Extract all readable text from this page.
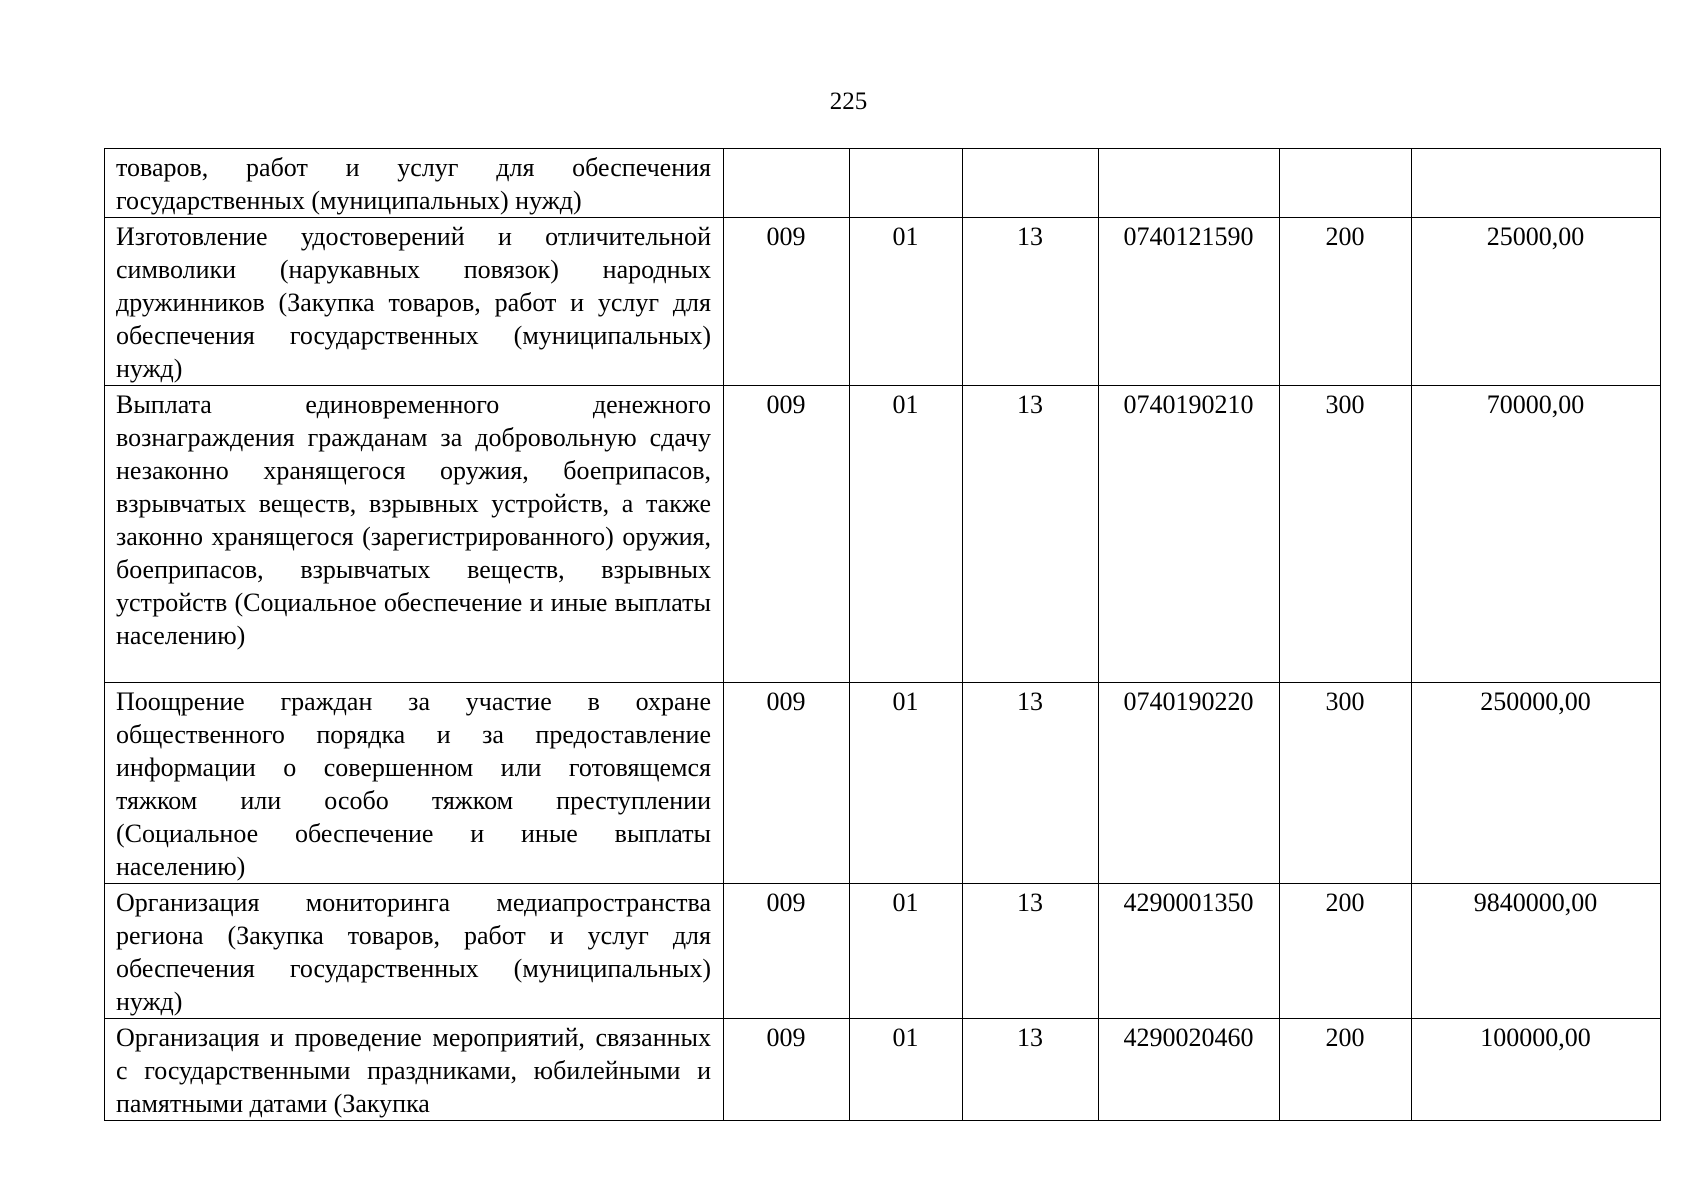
225
товаров, работ и услуг для обеспечения государственных (муниципальных) нужд)						
Изготовление удостоверений и отличительной символики (нарукавных повязок) народных дружинников (Закупка товаров, работ и услуг для обеспечения государственных (муниципальных) нужд)	009	01	13	0740121590	200	25000,00
Выплата единовременного денежного вознаграждения гражданам за добровольную сдачу незаконно хранящегося оружия, боеприпасов, взрывчатых веществ, взрывных устройств, а также законно хранящегося (зарегистрированного) оружия, боеприпасов, взрывчатых веществ, взрывных устройств (Социальное обеспечение и иные выплаты населению)	009	01	13	0740190210	300	70000,00
Поощрение граждан за участие в охране общественного порядка и за предоставление информации о совершенном или готовящемся тяжком или особо тяжком преступлении (Социальное обеспечение и иные выплаты населению)	009	01	13	0740190220	300	250000,00
Организация мониторинга медиапространства региона (Закупка товаров, работ и услуг для обеспечения государственных (муниципальных) нужд)	009	01	13	4290001350	200	9840000,00
Организация и проведение мероприятий, связанных с государственными праздниками, юбилейными и памятными датами (Закупка	009	01	13	4290020460	200	100000,00
